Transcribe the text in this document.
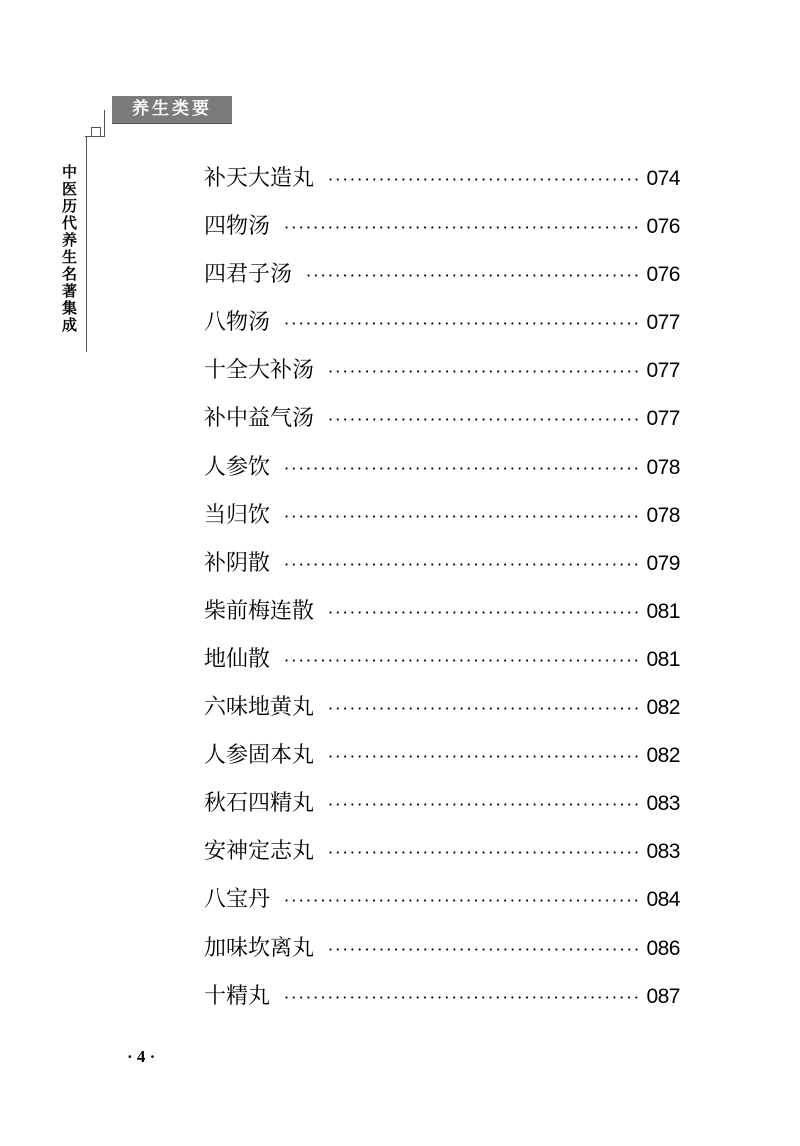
养生类要
中医历代养生名著集成	补天大造丸 ·····	074
四物汤 ·····	076
四君子汤 ·····	076
八物汤 ·····	077
十全大补汤 ·····	077
补中益气汤 ·····	077
人参饮 ·····	078
当归饮 ·····	078
补阴散 ·····	079
柴前梅连散 ·····	081
地仙散 ·····	081
六味地黄丸 ·····	082
人参固本丸 ·····	082
秋石四精丸 ·····	083
安神定志丸 ·····	083
八宝丹 ·····	084
加味坎离丸 ·····	086
十精丸 ·····	087
· 4 ·
